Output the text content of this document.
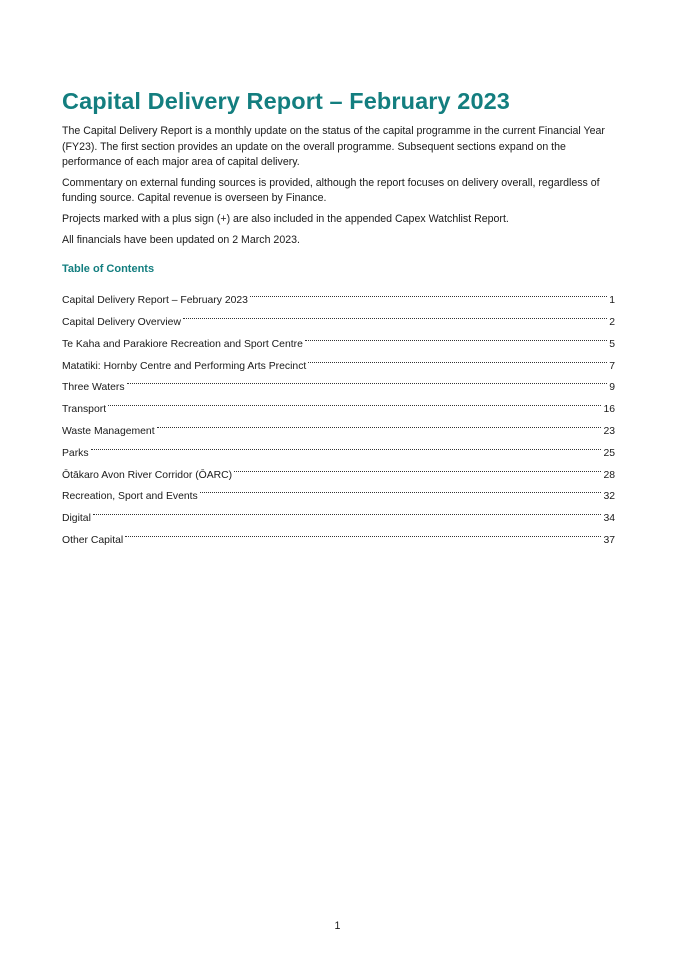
Capital Delivery Report – February 2023

The Capital Delivery Report is a monthly update on the status of the capital programme in the current Financial Year (FY23). The first section provides an update on the overall programme. Subsequent sections expand on the performance of each major area of capital delivery.

Commentary on external funding sources is provided, although the report focuses on delivery overall, regardless of funding source. Capital revenue is overseen by Finance.

Projects marked with a plus sign (+) are also included in the appended Capex Watchlist Report.

All financials have been updated on 2 March 2023.

Table of Contents
Capital Delivery Report – February 2023	1
Capital Delivery Overview	2
Te Kaha and Parakiore Recreation and Sport Centre	5
Matatiki: Hornby Centre and Performing Arts Precinct	7
Three Waters	9
Transport	16
Waste Management	23
Parks	25
Ōtākaro Avon River Corridor (ŌARC)	28
Recreation, Sport and Events	32
Digital	34
Other Capital	37
1
